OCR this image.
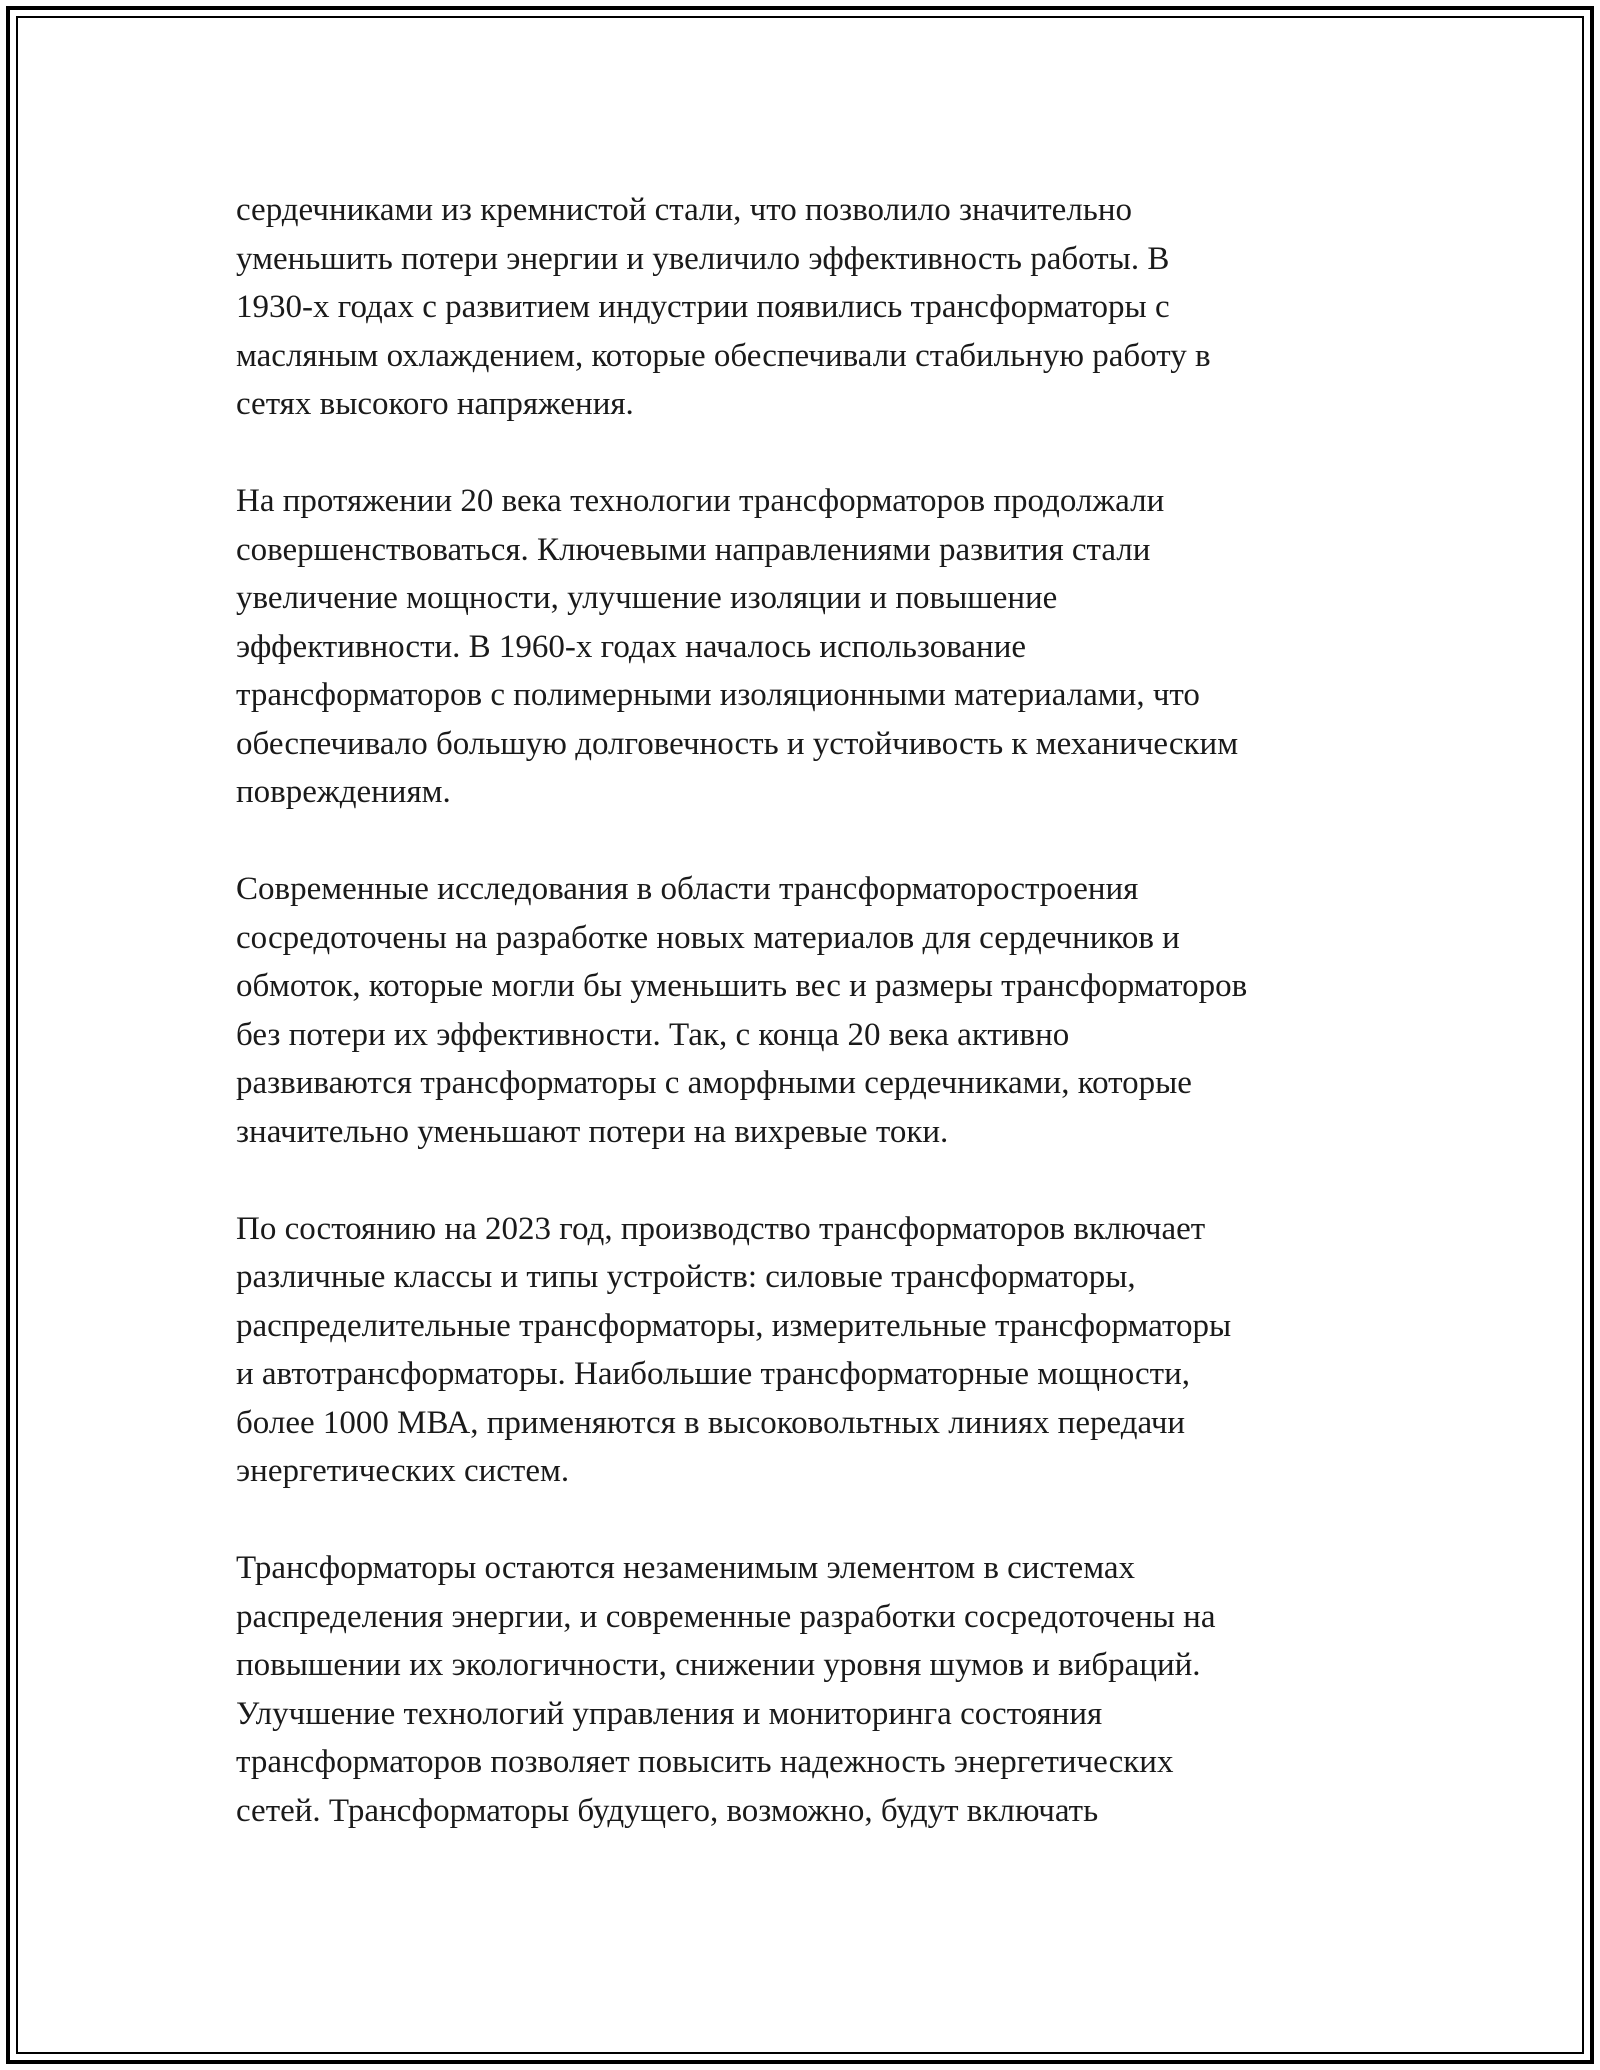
сердечниками из кремнистой стали, что позволило значительно
уменьшить потери энергии и увеличило эффективность работы. В
1930-х годах с развитием индустрии появились трансформаторы с
масляным охлаждением, которые обеспечивали стабильную работу в
сетях высокого напряжения.

На протяжении 20 века технологии трансформаторов продолжали
совершенствоваться. Ключевыми направлениями развития стали
увеличение мощности, улучшение изоляции и повышение
эффективности. В 1960-х годах началось использование
трансформаторов с полимерными изоляционными материалами, что
обеспечивало большую долговечность и устойчивость к механическим
повреждениям.

Современные исследования в области трансформаторостроения
сосредоточены на разработке новых материалов для сердечников и
обмоток, которые могли бы уменьшить вес и размеры трансформаторов
без потери их эффективности. Так, с конца 20 века активно
развиваются трансформаторы с аморфными сердечниками, которые
значительно уменьшают потери на вихревые токи.

По состоянию на 2023 год, производство трансформаторов включает
различные классы и типы устройств: силовые трансформаторы,
распределительные трансформаторы, измерительные трансформаторы
и автотрансформаторы. Наибольшие трансформаторные мощности,
более 1000 МВА, применяются в высоковольтных линиях передачи
энергетических систем.

Трансформаторы остаются незаменимым элементом в системах
распределения энергии, и современные разработки сосредоточены на
повышении их экологичности, снижении уровня шумов и вибраций.
Улучшение технологий управления и мониторинга состояния
трансформаторов позволяет повысить надежность энергетических
сетей. Трансформаторы будущего, возможно, будут включать
